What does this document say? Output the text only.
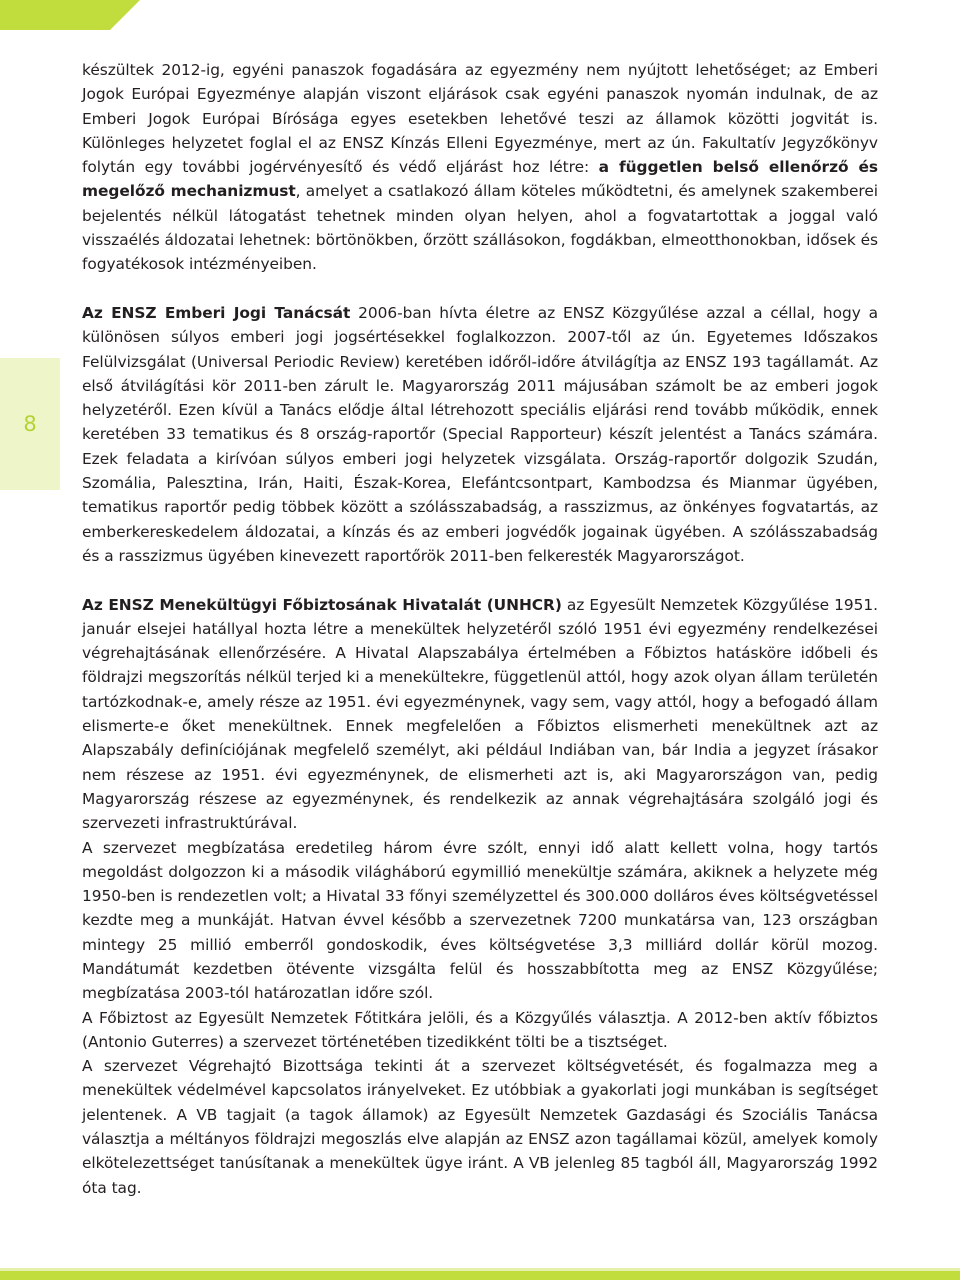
8

készültek 2012-ig, egyéni panaszok fogadására az egyezmény nem nyújtott lehetőséget; az Emberi Jogok Európai Egyezménye alapján viszont eljárások csak egyéni panaszok nyomán indulnak, de az Emberi Jogok Európai Bírósága egyes esetekben lehetővé teszi az államok közötti jogvitát is. Különleges helyzetet foglal el az ENSZ Kínzás Elleni Egyezménye, mert az ún. Fakultatív Jegyzőkönyv folytán egy további jogérvényesítő és védő eljárást hoz létre: a független belső ellenőrző és megelőző mechanizmust, amelyet a csatlakozó állam köteles működtetni, és amelynek szakemberei bejelentés nélkül látogatást tehetnek minden olyan helyen, ahol a fogvatartottak a joggal való visszaélés áldozatai lehetnek: börtönökben, őrzött szállásokon, fogdákban, elmeotthonokban, idősek és fogyatékosok intézményeiben.

Az ENSZ Emberi Jogi Tanácsát 2006-ban hívta életre az ENSZ Közgyűlése azzal a céllal, hogy a különösen súlyos emberi jogi jogsértésekkel foglalkozzon. 2007-től az ún. Egyetemes Időszakos Felülvizsgálat (Universal Periodic Review) keretében időről-időre átvilágítja az ENSZ 193 tagállamát. Az első átvilágítási kör 2011-ben zárult le. Magyarország 2011 májusában számolt be az emberi jogok helyzetéről. Ezen kívül a Tanács elődje által létrehozott speciális eljárási rend tovább működik, ennek keretében 33 tematikus és 8 ország-raportőr (Special Rapporteur) készít jelentést a Tanács számára. Ezek feladata a kirívóan súlyos emberi jogi helyzetek vizsgálata. Ország-raportőr dolgozik Szudán, Szomália, Palesztina, Irán, Haiti, Észak-Korea, Elefántcsontpart, Kambodzsa és Mianmar ügyében, tematikus raportőr pedig többek között a szólásszabadság, a rasszizmus, az önkényes fogvatartás, az emberkereskedelem áldozatai, a kínzás és az emberi jogvédők jogainak ügyében. A szólásszabadság és a rasszizmus ügyében kinevezett raportőrök 2011-ben felkeresték Magyarországot.

Az ENSZ Menekültügyi Főbiztosának Hivatalát (UNHCR) az Egyesült Nemzetek Közgyűlése 1951. január elsejei hatállyal hozta létre a menekültek helyzetéről szóló 1951 évi egyezmény rendelkezései végrehajtásának ellenőrzésére. A Hivatal Alapszabálya értelmében a Főbiztos hatásköre időbeli és földrajzi megszorítás nélkül terjed ki a menekültekre, függetlenül attól, hogy azok olyan állam területén tartózkodnak-e, amely része az 1951. évi egyezménynek, vagy sem, vagy attól, hogy a befogadó állam elismerte-e őket menekültnek. Ennek megfelelően a Főbiztos elismerheti menekültnek azt az Alapszabály definíciójának megfelelő személyt, aki például Indiában van, bár India a jegyzet írásakor nem részese az 1951. évi egyezménynek, de elismerheti azt is, aki Magyarországon van, pedig Magyarország részese az egyezménynek, és rendelkezik az annak végrehajtására szolgáló jogi és szervezeti infrastruktúrával.

A szervezet megbízatása eredetileg három évre szólt, ennyi idő alatt kellett volna, hogy tartós megoldást dolgozzon ki a második világháború egymillió menekültje számára, akiknek a helyzete még 1950-ben is rendezetlen volt; a Hivatal 33 főnyi személyzettel és 300.000 dolláros éves költségvetéssel kezdte meg a munkáját. Hatvan évvel később a szervezetnek 7200 munkatársa van, 123 országban mintegy 25 millió emberről gondoskodik, éves költségvetése 3,3 milliárd dollár körül mozog. Mandátumát kezdetben ötévente vizsgálta felül és hosszabbította meg az ENSZ Közgyűlése; megbízatása 2003-tól határozatlan időre szól.

A Főbiztost az Egyesült Nemzetek Főtitkára jelöli, és a Közgyűlés választja. A 2012-ben aktív főbiztos (Antonio Guterres) a szervezet történetében tizedikként tölti be a tisztséget.

A szervezet Végrehajtó Bizottsága tekinti át a szervezet költségvetését, és fogalmazza meg a menekültek védelmével kapcsolatos irányelveket. Ez utóbbiak a gyakorlati jogi munkában is segítséget jelentenek. A VB tagjait (a tagok államok) az Egyesült Nemzetek Gazdasági és Szociális Tanácsa választja a méltányos földrajzi megoszlás elve alapján az ENSZ azon tagállamai közül, amelyek komoly elkötelezettséget tanúsítanak a menekültek ügye iránt. A VB jelenleg 85 tagból áll, Magyarország 1992 óta tag.
